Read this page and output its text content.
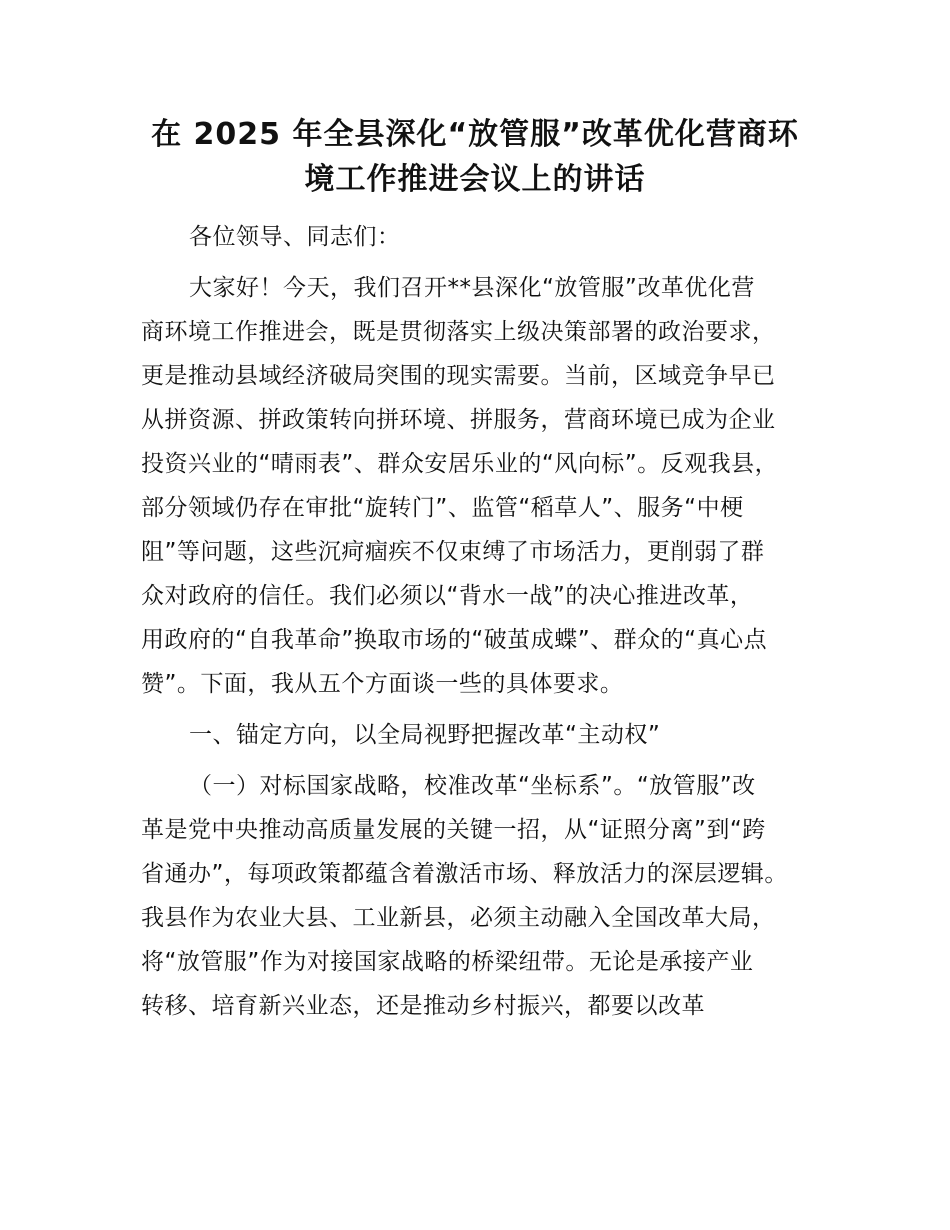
在 2025 年全县深化“放管服”改革优化营商环
境工作推进会议上的讲话

各位领导、同志们：

大家好！今天，我们召开**县深化“放管服”改革优化营

商环境工作推进会，既是贯彻落实上级决策部署的政治要求，

更是推动县域经济破局突围的现实需要。当前，区域竞争早已

从拼资源、拼政策转向拼环境、拼服务，营商环境已成为企业

投资兴业的“晴雨表”、群众安居乐业的“风向标”。反观我县，

部分领域仍存在审批“旋转门”、监管“稻草人”、服务“中梗

阻”等问题，这些沉疴痼疾不仅束缚了市场活力，更削弱了群

众对政府的信任。我们必须以“背水一战”的决心推进改革，

用政府的“自我革命”换取市场的“破茧成蝶”、群众的“真心点

赞”。下面，我从五个方面谈一些的具体要求。

一、锚定方向，以全局视野把握改革“主动权”

（一）对标国家战略，校准改革“坐标系”。“放管服”改

革是党中央推动高质量发展的关键一招，从“证照分离”到“跨

省通办”，每项政策都蕴含着激活市场、释放活力的深层逻辑。

我县作为农业大县、工业新县，必须主动融入全国改革大局，

将“放管服”作为对接国家战略的桥梁纽带。无论是承接产业

转移、培育新兴业态，还是推动乡村振兴，都要以改革
